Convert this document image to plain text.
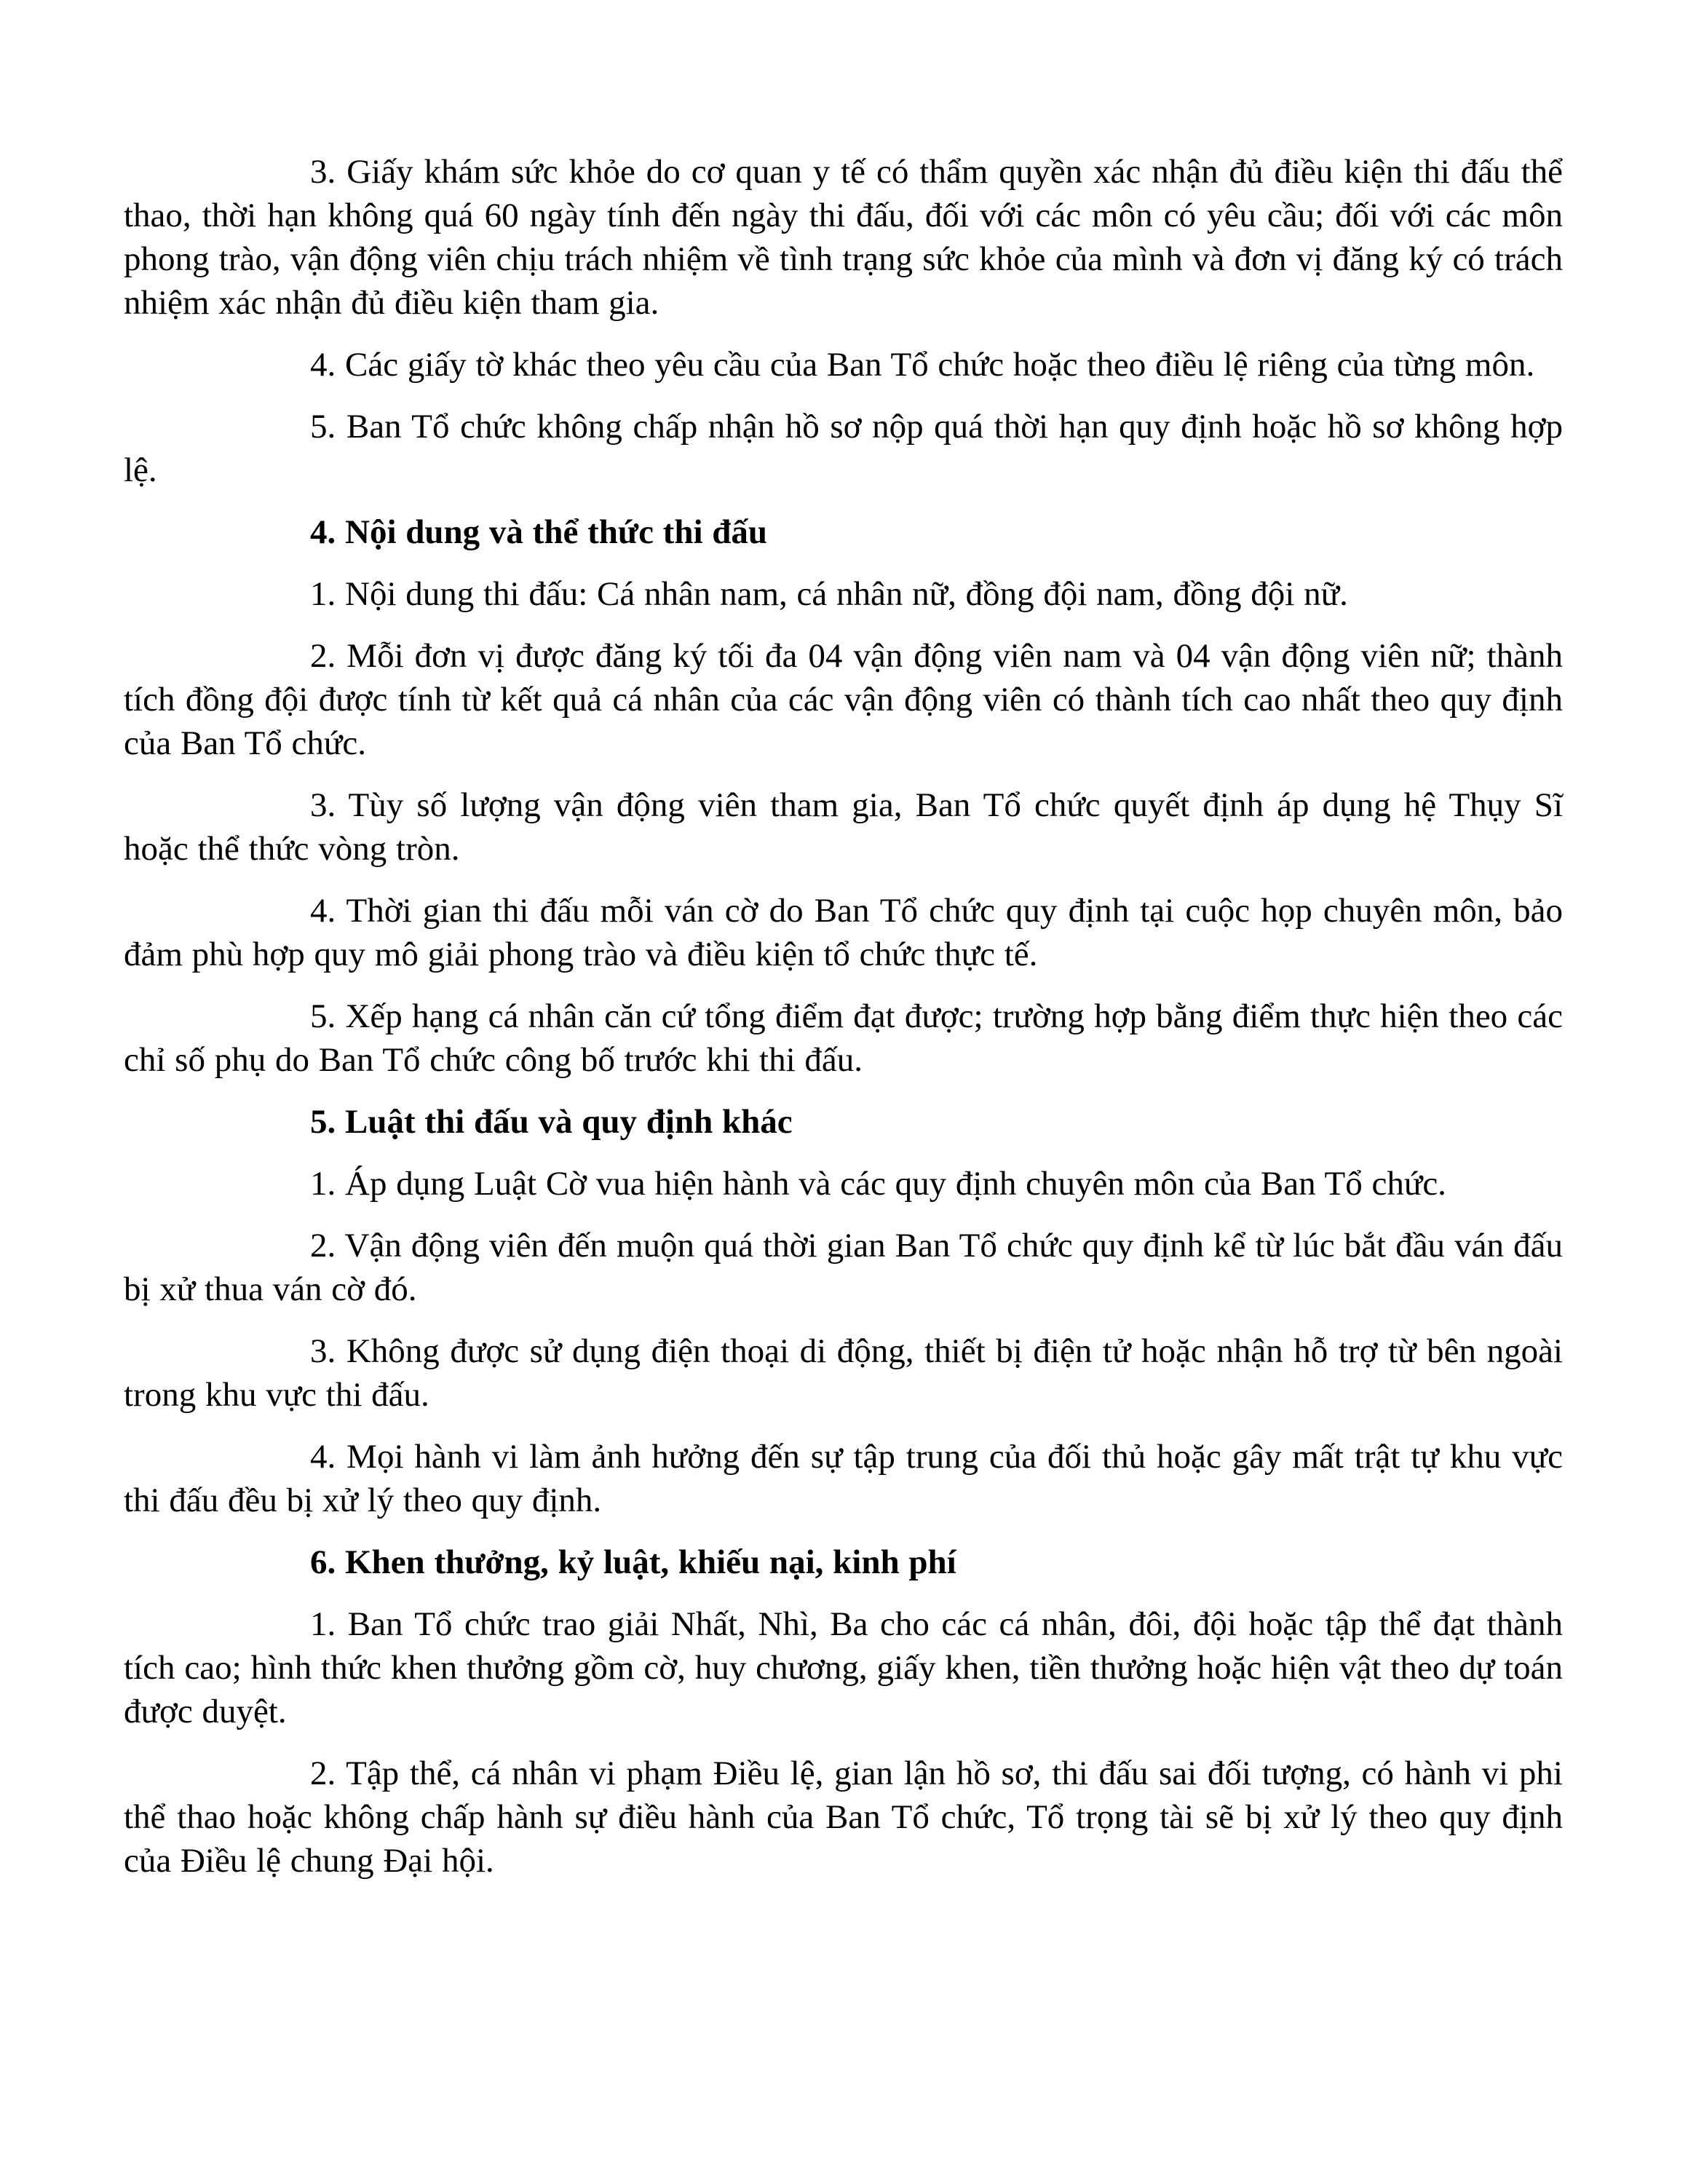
3. Giấy khám sức khỏe do cơ quan y tế có thẩm quyền xác nhận đủ điều kiện thi đấu thể thao, thời hạn không quá 60 ngày tính đến ngày thi đấu, đối với các môn có yêu cầu; đối với các môn phong trào, vận động viên chịu trách nhiệm về tình trạng sức khỏe của mình và đơn vị đăng ký có trách nhiệm xác nhận đủ điều kiện tham gia.

4. Các giấy tờ khác theo yêu cầu của Ban Tổ chức hoặc theo điều lệ riêng của từng môn.

5. Ban Tổ chức không chấp nhận hồ sơ nộp quá thời hạn quy định hoặc hồ sơ không hợp lệ.

4. Nội dung và thể thức thi đấu

1. Nội dung thi đấu: Cá nhân nam, cá nhân nữ, đồng đội nam, đồng đội nữ.

2. Mỗi đơn vị được đăng ký tối đa 04 vận động viên nam và 04 vận động viên nữ; thành tích đồng đội được tính từ kết quả cá nhân của các vận động viên có thành tích cao nhất theo quy định của Ban Tổ chức.

3. Tùy số lượng vận động viên tham gia, Ban Tổ chức quyết định áp dụng hệ Thụy Sĩ hoặc thể thức vòng tròn.

4. Thời gian thi đấu mỗi ván cờ do Ban Tổ chức quy định tại cuộc họp chuyên môn, bảo đảm phù hợp quy mô giải phong trào và điều kiện tổ chức thực tế.

5. Xếp hạng cá nhân căn cứ tổng điểm đạt được; trường hợp bằng điểm thực hiện theo các chỉ số phụ do Ban Tổ chức công bố trước khi thi đấu.

5. Luật thi đấu và quy định khác

1. Áp dụng Luật Cờ vua hiện hành và các quy định chuyên môn của Ban Tổ chức.

2. Vận động viên đến muộn quá thời gian Ban Tổ chức quy định kể từ lúc bắt đầu ván đấu bị xử thua ván cờ đó.

3. Không được sử dụng điện thoại di động, thiết bị điện tử hoặc nhận hỗ trợ từ bên ngoài trong khu vực thi đấu.

4. Mọi hành vi làm ảnh hưởng đến sự tập trung của đối thủ hoặc gây mất trật tự khu vực thi đấu đều bị xử lý theo quy định.

6. Khen thưởng, kỷ luật, khiếu nại, kinh phí

1. Ban Tổ chức trao giải Nhất, Nhì, Ba cho các cá nhân, đôi, đội hoặc tập thể đạt thành tích cao; hình thức khen thưởng gồm cờ, huy chương, giấy khen, tiền thưởng hoặc hiện vật theo dự toán được duyệt.

2. Tập thể, cá nhân vi phạm Điều lệ, gian lận hồ sơ, thi đấu sai đối tượng, có hành vi phi thể thao hoặc không chấp hành sự điều hành của Ban Tổ chức, Tổ trọng tài sẽ bị xử lý theo quy định của Điều lệ chung Đại hội.
